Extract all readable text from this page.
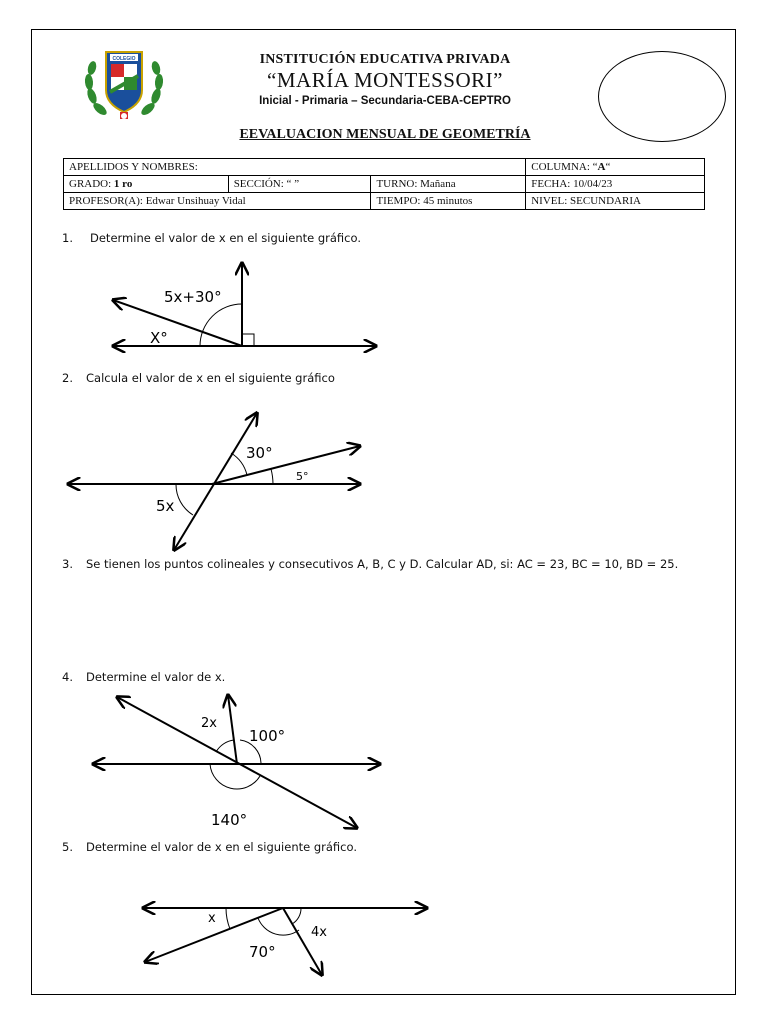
COLEGIO	INSTITUCIÓN EDUCATIVA PRIVADA
“MARÍA MONTESSORI”
Inicial - Primaria – Secundaria-CEBA-CEPTRO
EEVALUACION MENSUAL DE GEOMETRÍA
APELLIDOS Y NOMBRES:			COLUMNA: “A“
GRADO: 1 ro	SECCIÓN: “ ”	TURNO: Mañana	FECHA: 10/04/23
PROFESOR(A): Edwar Unsihuay Vidal		TIEMPO: 45 minutos	NIVEL: SECUNDARIA
1. Determine el valor de x en el siguiente gráfico.
2. Calcula el valor de x en el siguiente gráfico
3. Se tienen los puntos colineales y consecutivos A, B, C y D. Calcular AD, si: AC = 23, BC = 10, BD = 25.
4. Determine el valor de x.
5. Determine el valor de x en el siguiente gráfico.
5x+30°
X°
30°
5°
5x
2x
100°
140°
x
70°
4x
